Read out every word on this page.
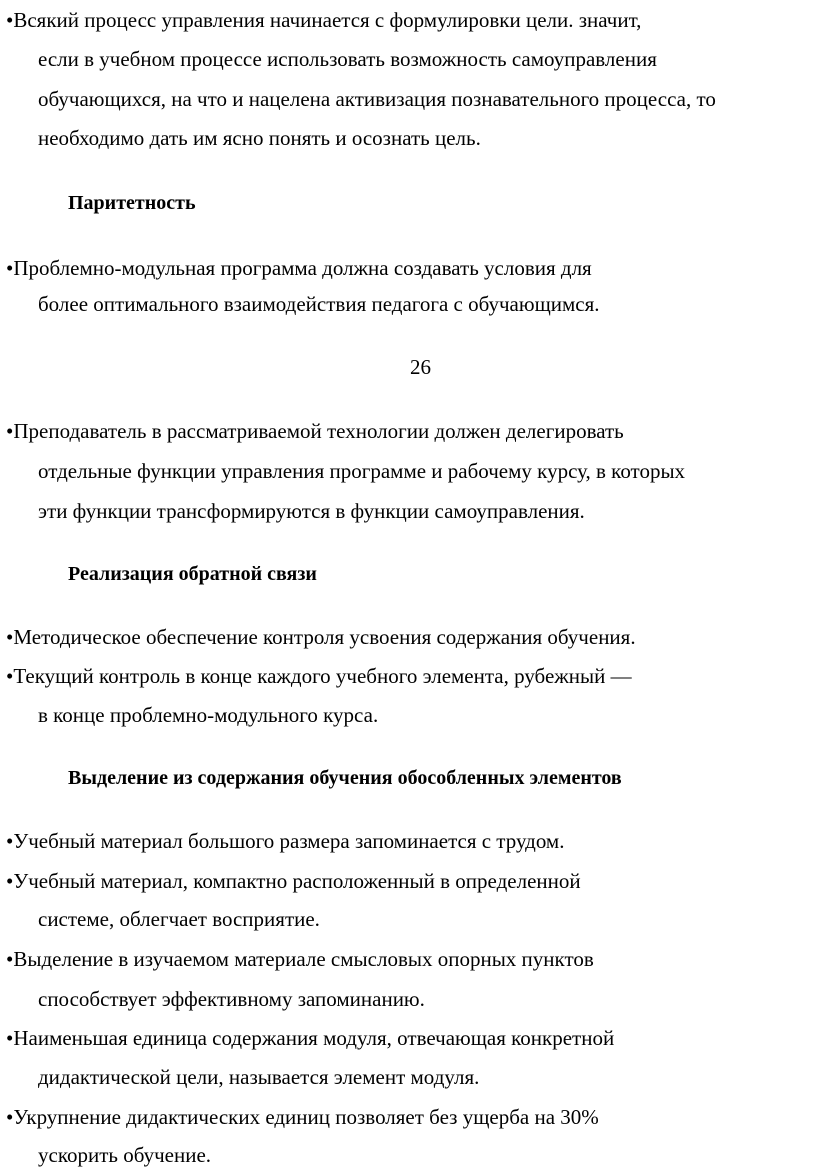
•Всякий процесс управления начинается с формулировки цели. значит,
если в учебном процессе использовать возможность самоуправления
обучающихся, на что и нацелена активизация познавательного процесса, то
необходимо дать им ясно понять и осознать цель.
Паритетность
•Проблемно-модульная программа должна создавать условия для
более оптимального взаимодействия педагога с обучающимся.
26
•Преподаватель в рассматриваемой технологии должен делегировать
отдельные функции управления программе и рабочему курсу, в которых
эти функции трансформируются в функции самоуправления.
Реализация обратной связи
•Методическое обеспечение контроля усвоения содержания обучения.
•Текущий контроль в конце каждого учебного элемента, рубежный —
в конце проблемно-модульного курса.
Выделение из содержания обучения обособленных элементов
•Учебный материал большого размера запоминается с трудом.
•Учебный материал, компактно расположенный в определенной
системе, облегчает восприятие.
•Выделение в изучаемом материале смысловых опорных пунктов
способствует эффективному запоминанию.
•Наименьшая единица содержания модуля, отвечающая конкретной
дидактической цели, называется элемент модуля.
•Укрупнение дидактических единиц позволяет без ущерба на 30%
ускорить обучение.
